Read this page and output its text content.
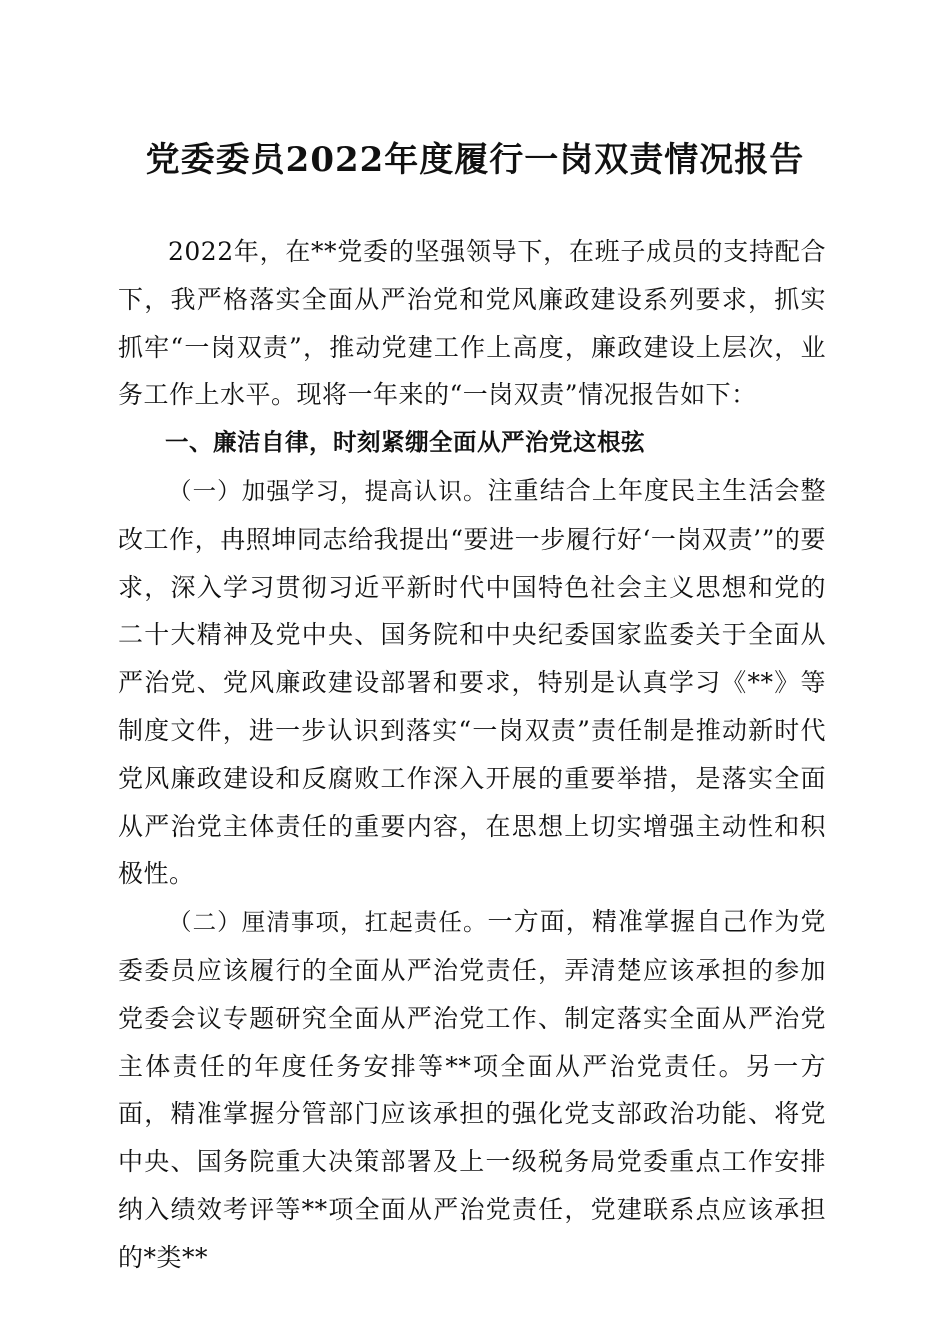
党委委员2022年度履行一岗双责情况报告

2022年，在**党委的坚强领导下，在班子成员的支持配合下，我严格落实全面从严治党和党风廉政建设系列要求，抓实抓牢“一岗双责”，推动党建工作上高度，廉政建设上层次，业务工作上水平。现将一年来的“一岗双责”情况报告如下：

一、廉洁自律，时刻紧绷全面从严治党这根弦

（一）加强学习，提高认识。注重结合上年度民主生活会整改工作，冉照坤同志给我提出“要进一步履行好‘一岗双责’”的要求，深入学习贯彻习近平新时代中国特色社会主义思想和党的二十大精神及党中央、国务院和中央纪委国家监委关于全面从严治党、党风廉政建设部署和要求，特别是认真学习《**》等制度文件，进一步认识到落实“一岗双责”责任制是推动新时代党风廉政建设和反腐败工作深入开展的重要举措，是落实全面从严治党主体责任的重要内容，在思想上切实增强主动性和积极性。

（二）厘清事项，扛起责任。一方面，精准掌握自己作为党委委员应该履行的全面从严治党责任，弄清楚应该承担的参加党委会议专题研究全面从严治党工作、制定落实全面从严治党主体责任的年度任务安排等**项全面从严治党责任。另一方面，精准掌握分管部门应该承担的强化党支部政治功能、将党中央、国务院重大决策部署及上一级税务局党委重点工作安排纳入绩效考评等**项全面从严治党责任，党建联系点应该承担的*类**
